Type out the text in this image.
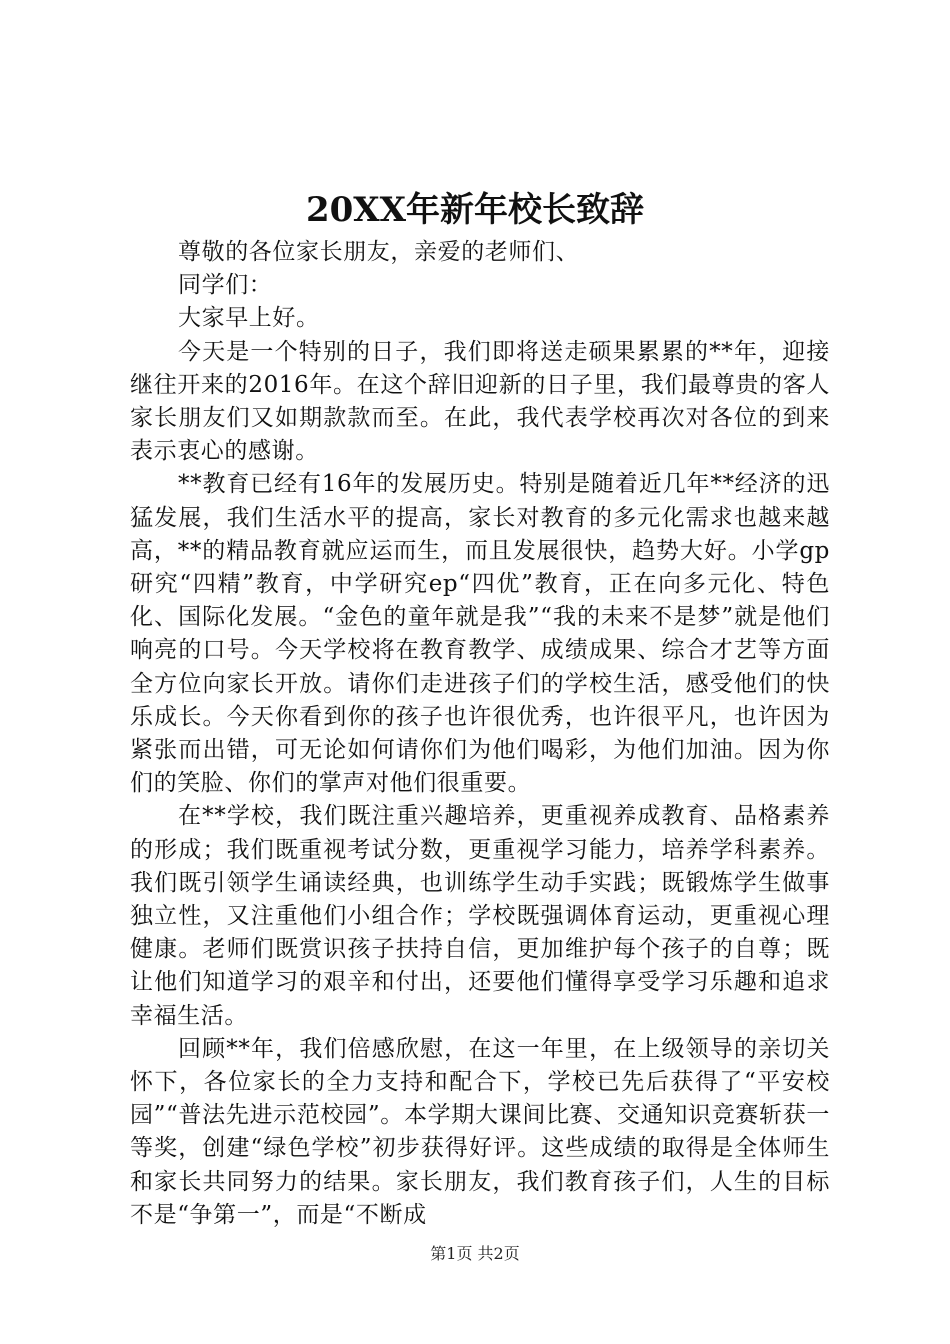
20XX年新年校长致辞

尊敬的各位家长朋友，亲爱的老师们、

同学们：

大家早上好。

今天是一个特别的日子，我们即将送走硕果累累的**年，迎接继往开来的2016年。在这个辞旧迎新的日子里，我们最尊贵的客人家长朋友们又如期款款而至。在此，我代表学校再次对各位的到来表示衷心的感谢。

**教育已经有16年的发展历史。特别是随着近几年**经济的迅猛发展，我们生活水平的提高，家长对教育的多元化需求也越来越高，**的精品教育就应运而生，而且发展很快，趋势大好。小学gp研究“四精”教育，中学研究ep“四优”教育，正在向多元化、特色化、国际化发展。“金色的童年就是我”“我的未来不是梦”就是他们响亮的口号。今天学校将在教育教学、成绩成果、综合才艺等方面全方位向家长开放。请你们走进孩子们的学校生活，感受他们的快乐成长。今天你看到你的孩子也许很优秀，也许很平凡，也许因为紧张而出错，可无论如何请你们为他们喝彩，为他们加油。因为你们的笑脸、你们的掌声对他们很重要。

在**学校，我们既注重兴趣培养，更重视养成教育、品格素养的形成；我们既重视考试分数，更重视学习能力，培养学科素养。我们既引领学生诵读经典，也训练学生动手实践；既锻炼学生做事独立性，又注重他们小组合作；学校既强调体育运动，更重视心理健康。老师们既赏识孩子扶持自信，更加维护每个孩子的自尊；既让他们知道学习的艰辛和付出，还要他们懂得享受学习乐趣和追求幸福生活。

回顾**年，我们倍感欣慰，在这一年里，在上级领导的亲切关怀下，各位家长的全力支持和配合下，学校已先后获得了“平安校园”“普法先进示范校园”。本学期大课间比赛、交通知识竞赛斩获一等奖，创建“绿色学校”初步获得好评。这些成绩的取得是全体师生和家长共同努力的结果。家长朋友，我们教育孩子们，人生的目标不是“争第一”，而是“不断成

第1页 共2页
